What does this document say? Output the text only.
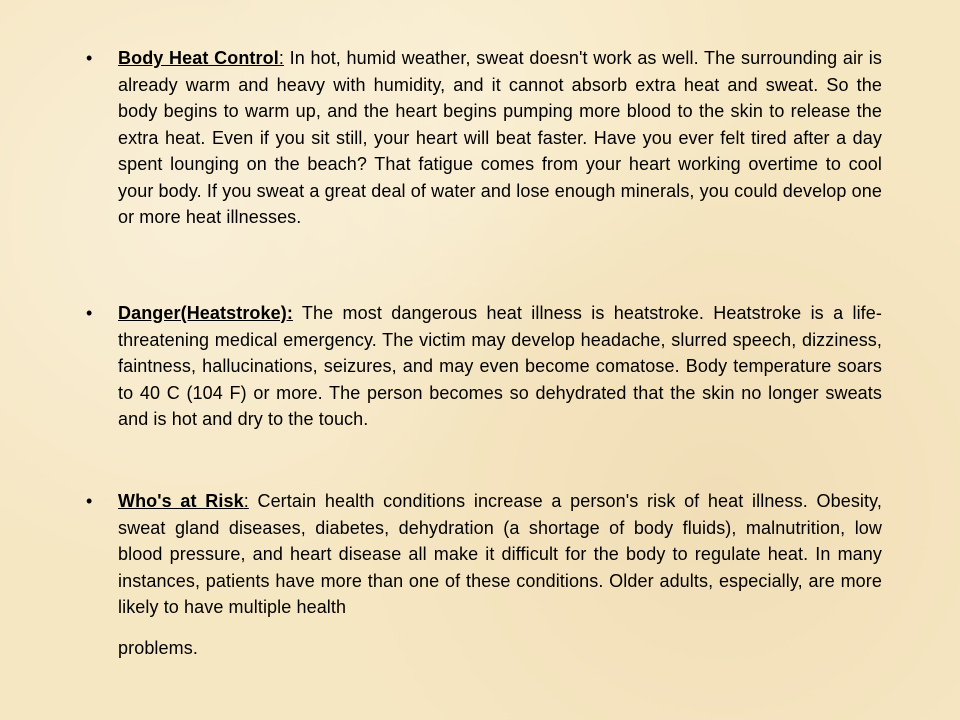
• Body Heat Control: In hot, humid weather, sweat doesn't work as well. The surrounding air is already warm and heavy with humidity, and it cannot absorb extra heat and sweat. So the body begins to warm up, and the heart begins pumping more blood to the skin to release the extra heat. Even if you sit still, your heart will beat faster. Have you ever felt tired after a day spent lounging on the beach? That fatigue comes from your heart working overtime to cool your body. If you sweat a great deal of water and lose enough minerals, you could develop one or more heat illnesses.
• Danger(Heatstroke): The most dangerous heat illness is heatstroke. Heatstroke is a life-threatening medical emergency. The victim may develop headache, slurred speech, dizziness, faintness, hallucinations, seizures, and may even become comatose. Body temperature soars to 40 C (104 F) or more. The person becomes so dehydrated that the skin no longer sweats and is hot and dry to the touch.
• Who's at Risk: Certain health conditions increase a person's risk of heat illness. Obesity, sweat gland diseases, diabetes, dehydration (a shortage of body fluids), malnutrition, low blood pressure, and heart disease all make it difficult for the body to regulate heat. In many instances, patients have more than one of these conditions. Older adults, especially, are more likely to have multiple health
problems.
